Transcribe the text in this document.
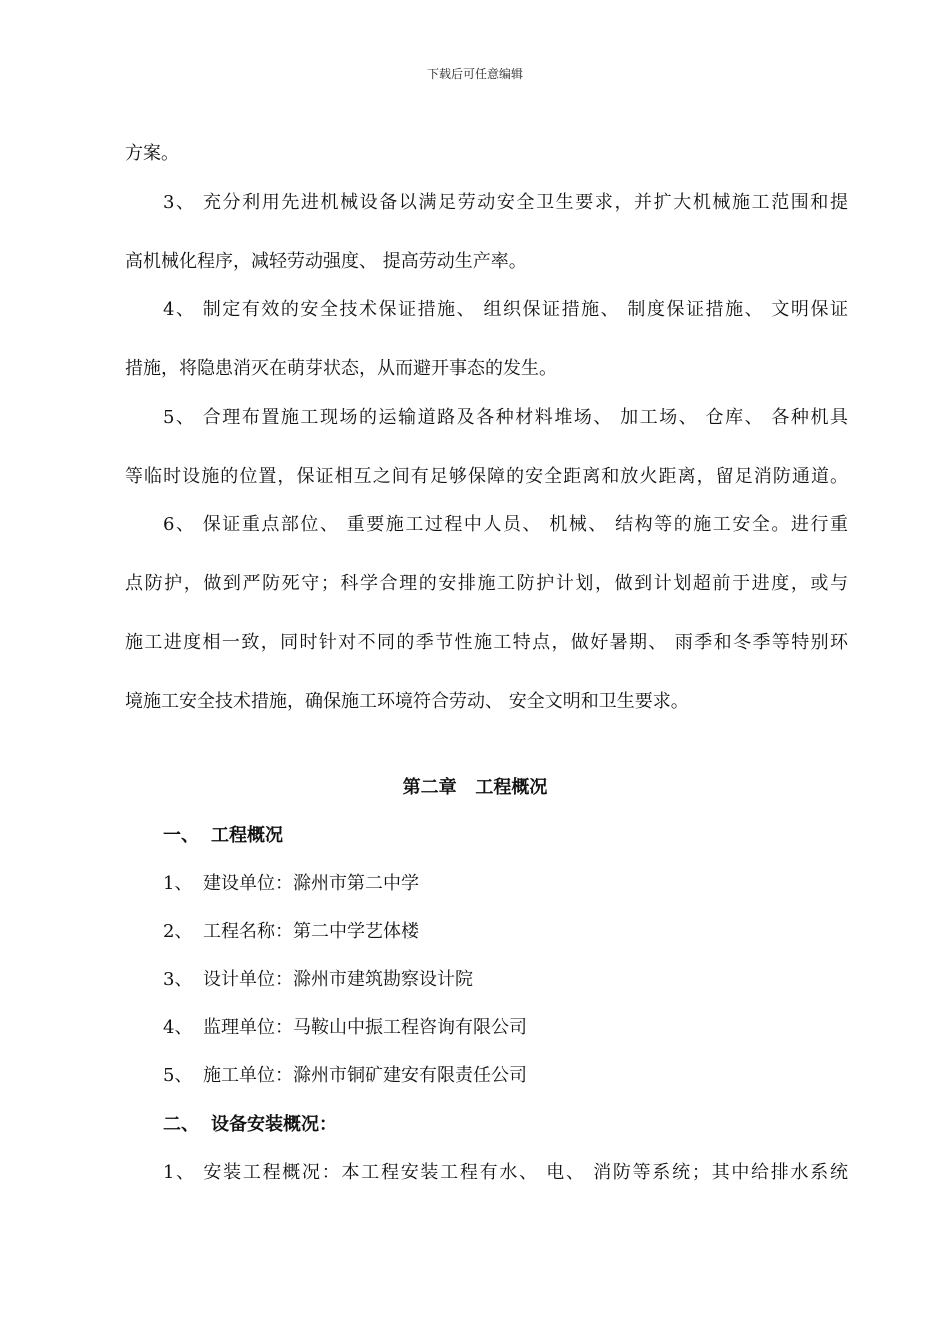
下载后可任意编辑
方案。
3、 充分利用先进机械设备以满足劳动安全卫生要求，并扩大机械施工范围和提
高机械化程序，减轻劳动强度、 提高劳动生产率。
4、 制定有效的安全技术保证措施、 组织保证措施、 制度保证措施、 文明保证
措施，将隐患消灭在萌芽状态，从而避开事态的发生。
5、 合理布置施工现场的运输道路及各种材料堆场、 加工场、 仓库、 各种机具
等临时设施的位置，保证相互之间有足够保障的安全距离和放火距离，留足消防通道。
6、 保证重点部位、 重要施工过程中人员、 机械、 结构等的施工安全。进行重
点防护，做到严防死守；科学合理的安排施工防护计划，做到计划超前于进度，或与
施工进度相一致，同时针对不同的季节性施工特点，做好暑期、 雨季和冬季等特别环
境施工安全技术措施，确保施工环境符合劳动、 安全文明和卫生要求。
第二章   工程概况
一、 工程概况
1、 建设单位：滁州市第二中学
2、 工程名称：第二中学艺体楼
3、 设计单位：滁州市建筑勘察设计院
4、 监理单位：马鞍山中振工程咨询有限公司
5、 施工单位：滁州市铜矿建安有限责任公司
二、 设备安装概况：
1、 安装工程概况：本工程安装工程有水、 电、 消防等系统；其中给排水系统
